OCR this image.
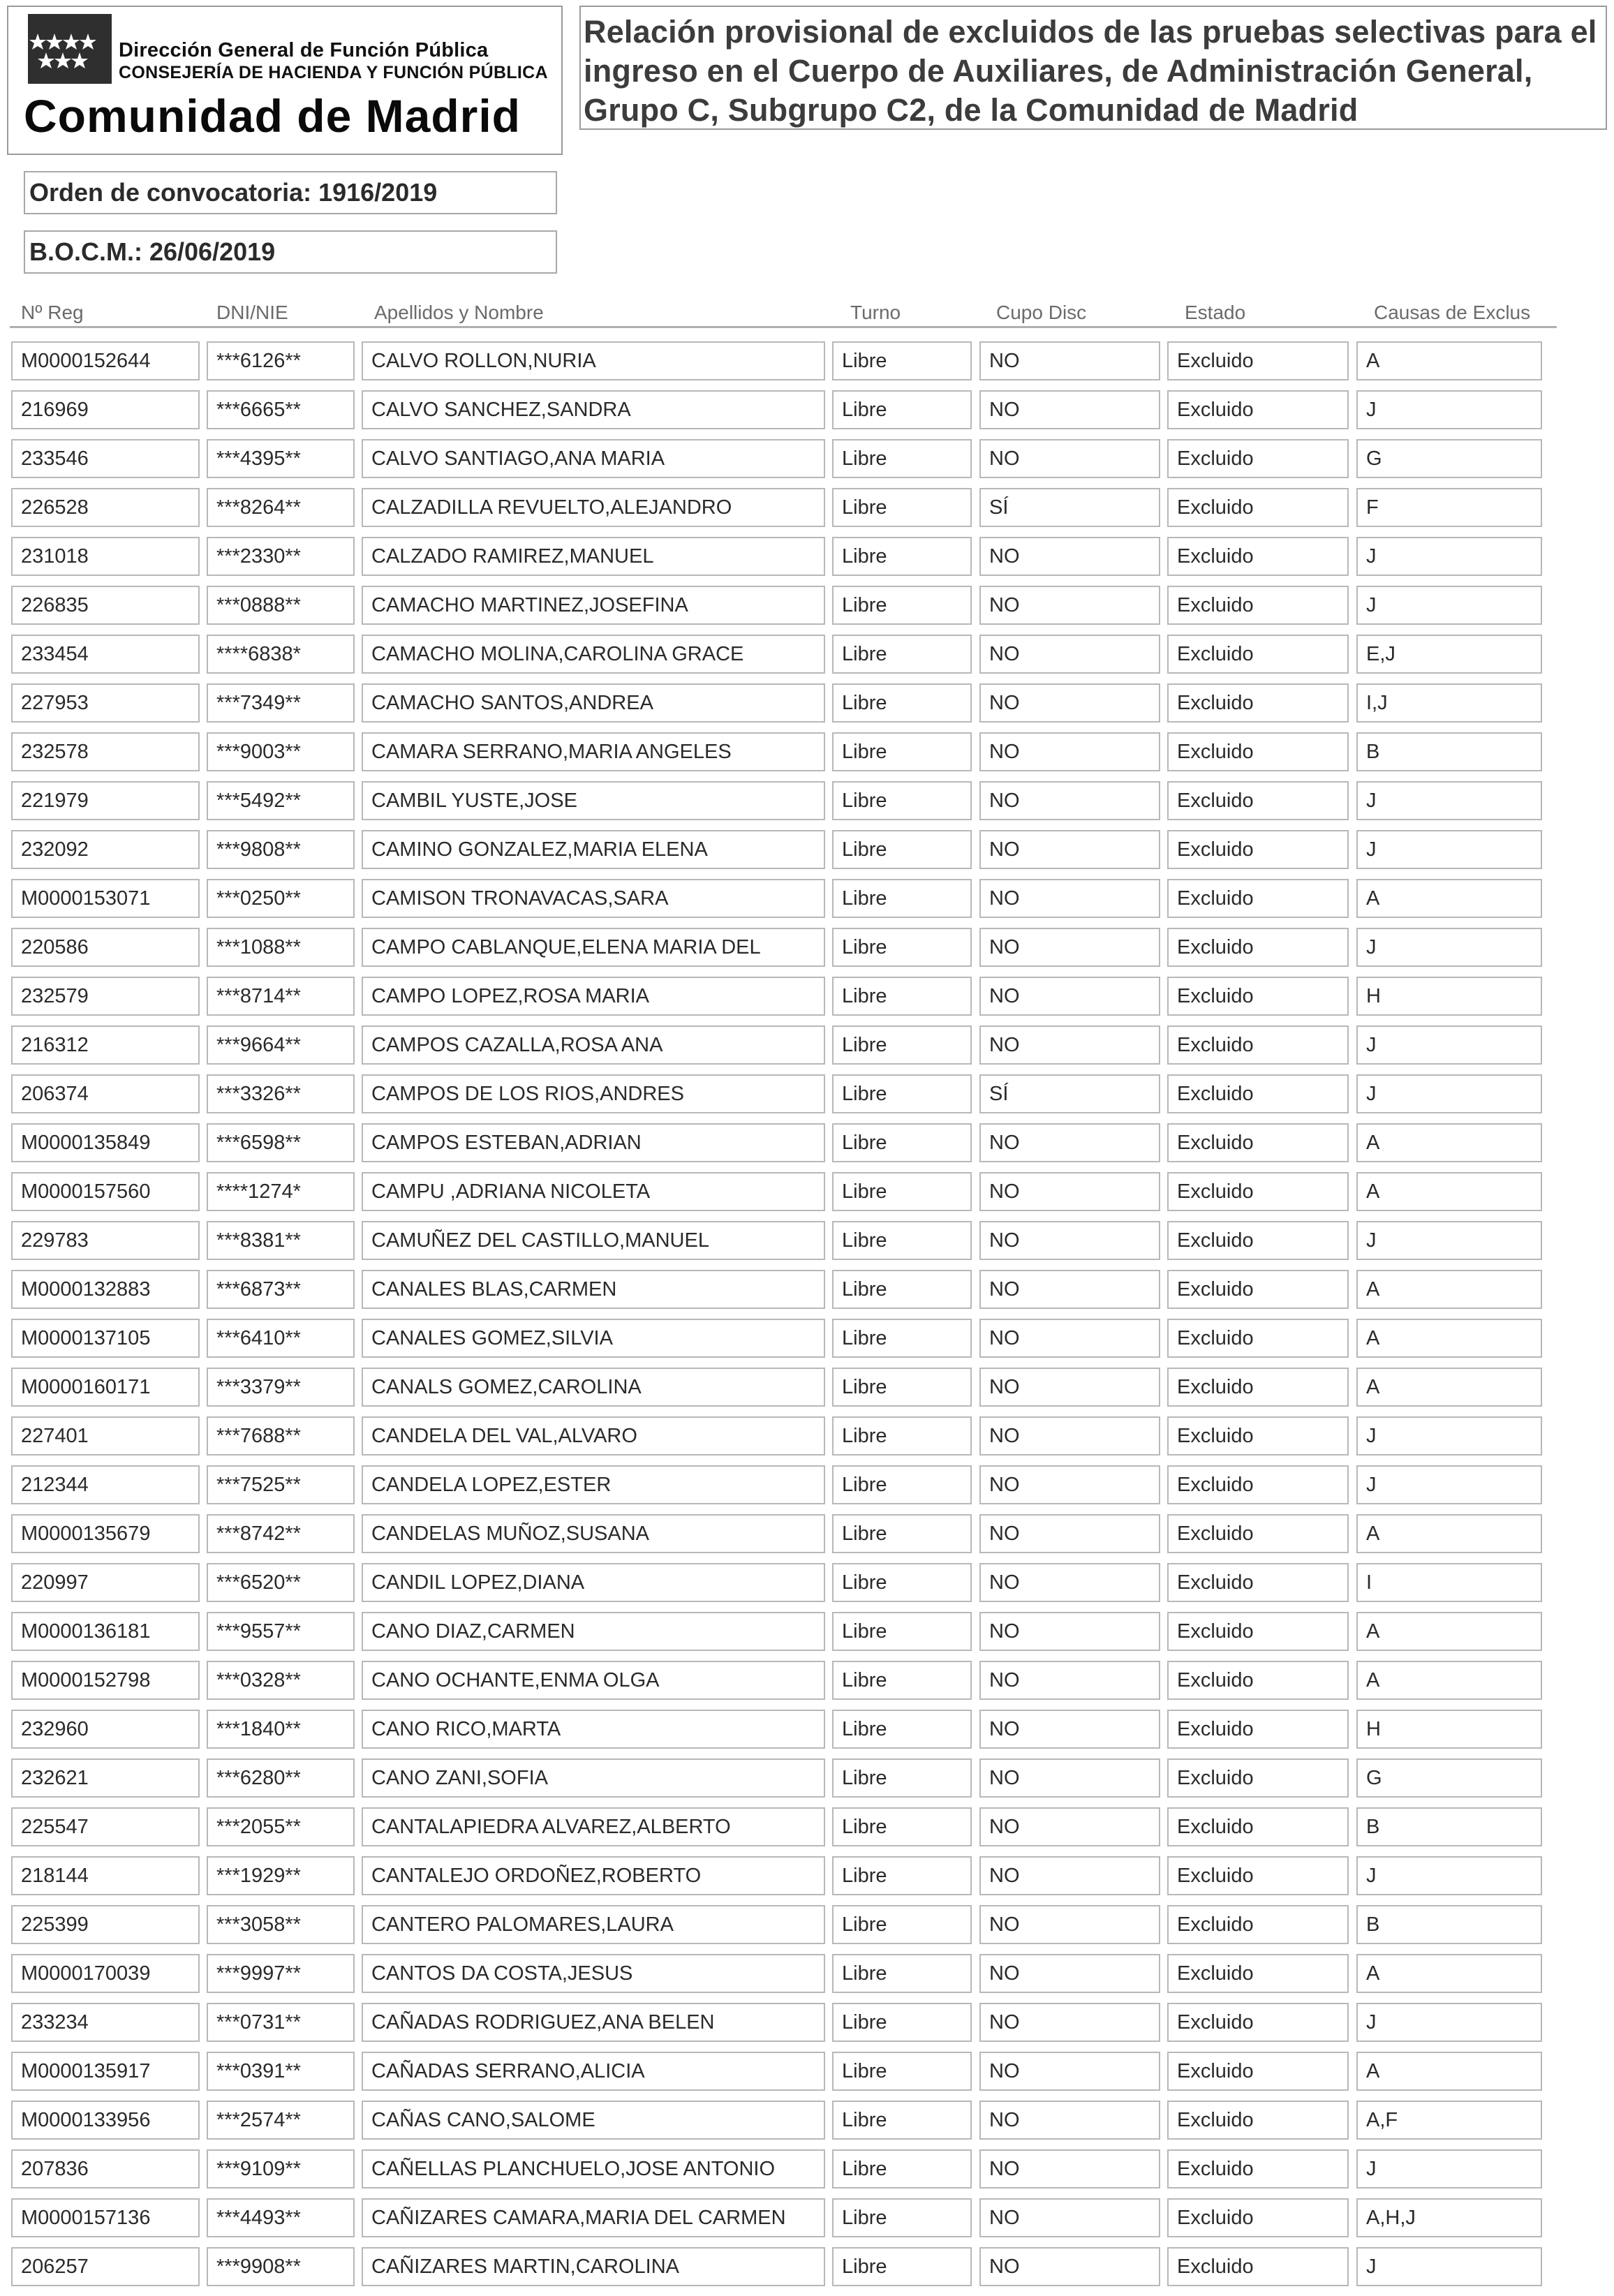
Dirección General de Función Pública
CONSEJERÍA DE HACIENDA Y FUNCIÓN PÚBLICA
Comunidad de Madrid
Relación provisional de excluidos de las pruebas selectivas para el ingreso en el Cuerpo de Auxiliares, de Administración General, Grupo C, Subgrupo C2, de la Comunidad de Madrid
Orden de convocatoria: 1916/2019
B.O.C.M.: 26/06/2019
Nº Reg	DNI/NIE	Apellidos y Nombre	Turno	Cupo Disc	Estado	Causas de Exclus
M0000152644	***6126**	CALVO ROLLON,NURIA	Libre	NO	Excluido	A
216969	***6665**	CALVO SANCHEZ,SANDRA	Libre	NO	Excluido	J
233546	***4395**	CALVO SANTIAGO,ANA MARIA	Libre	NO	Excluido	G
226528	***8264**	CALZADILLA REVUELTO,ALEJANDRO	Libre	SÍ	Excluido	F
231018	***2330**	CALZADO RAMIREZ,MANUEL	Libre	NO	Excluido	J
226835	***0888**	CAMACHO MARTINEZ,JOSEFINA	Libre	NO	Excluido	J
233454	****6838*	CAMACHO MOLINA,CAROLINA GRACE	Libre	NO	Excluido	E,J
227953	***7349**	CAMACHO SANTOS,ANDREA	Libre	NO	Excluido	I,J
232578	***9003**	CAMARA SERRANO,MARIA ANGELES	Libre	NO	Excluido	B
221979	***5492**	CAMBIL YUSTE,JOSE	Libre	NO	Excluido	J
232092	***9808**	CAMINO GONZALEZ,MARIA ELENA	Libre	NO	Excluido	J
M0000153071	***0250**	CAMISON TRONAVACAS,SARA	Libre	NO	Excluido	A
220586	***1088**	CAMPO CABLANQUE,ELENA MARIA DEL	Libre	NO	Excluido	J
232579	***8714**	CAMPO LOPEZ,ROSA MARIA	Libre	NO	Excluido	H
216312	***9664**	CAMPOS CAZALLA,ROSA ANA	Libre	NO	Excluido	J
206374	***3326**	CAMPOS DE LOS RIOS,ANDRES	Libre	SÍ	Excluido	J
M0000135849	***6598**	CAMPOS ESTEBAN,ADRIAN	Libre	NO	Excluido	A
M0000157560	****1274*	CAMPU ,ADRIANA NICOLETA	Libre	NO	Excluido	A
229783	***8381**	CAMUÑEZ DEL CASTILLO,MANUEL	Libre	NO	Excluido	J
M0000132883	***6873**	CANALES BLAS,CARMEN	Libre	NO	Excluido	A
M0000137105	***6410**	CANALES GOMEZ,SILVIA	Libre	NO	Excluido	A
M0000160171	***3379**	CANALS GOMEZ,CAROLINA	Libre	NO	Excluido	A
227401	***7688**	CANDELA DEL VAL,ALVARO	Libre	NO	Excluido	J
212344	***7525**	CANDELA LOPEZ,ESTER	Libre	NO	Excluido	J
M0000135679	***8742**	CANDELAS MUÑOZ,SUSANA	Libre	NO	Excluido	A
220997	***6520**	CANDIL LOPEZ,DIANA	Libre	NO	Excluido	I
M0000136181	***9557**	CANO DIAZ,CARMEN	Libre	NO	Excluido	A
M0000152798	***0328**	CANO OCHANTE,ENMA OLGA	Libre	NO	Excluido	A
232960	***1840**	CANO RICO,MARTA	Libre	NO	Excluido	H
232621	***6280**	CANO ZANI,SOFIA	Libre	NO	Excluido	G
225547	***2055**	CANTALAPIEDRA ALVAREZ,ALBERTO	Libre	NO	Excluido	B
218144	***1929**	CANTALEJO ORDOÑEZ,ROBERTO	Libre	NO	Excluido	J
225399	***3058**	CANTERO PALOMARES,LAURA	Libre	NO	Excluido	B
M0000170039	***9997**	CANTOS DA COSTA,JESUS	Libre	NO	Excluido	A
233234	***0731**	CAÑADAS RODRIGUEZ,ANA BELEN	Libre	NO	Excluido	J
M0000135917	***0391**	CAÑADAS SERRANO,ALICIA	Libre	NO	Excluido	A
M0000133956	***2574**	CAÑAS CANO,SALOME	Libre	NO	Excluido	A,F
207836	***9109**	CAÑELLAS PLANCHUELO,JOSE ANTONIO	Libre	NO	Excluido	J
M0000157136	***4493**	CAÑIZARES CAMARA,MARIA DEL CARMEN	Libre	NO	Excluido	A,H,J
206257	***9908**	CAÑIZARES MARTIN,CAROLINA	Libre	NO	Excluido	J
